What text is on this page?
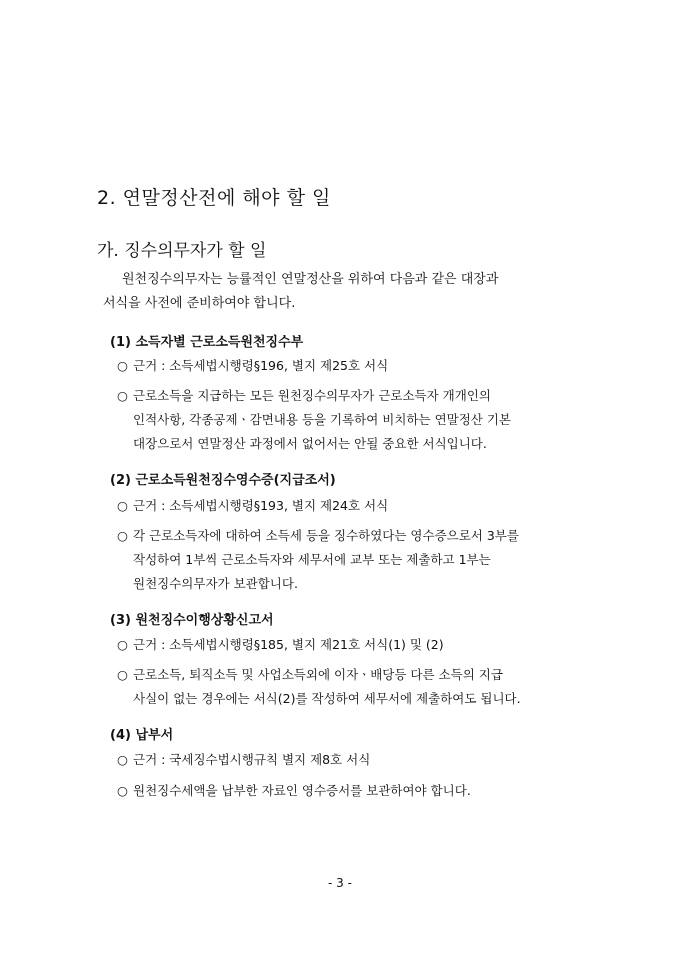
2. 연말정산전에 해야 할 일
가. 징수의무자가 할 일
원천징수의무자는 능률적인 연말정산을 위하여 다음과 같은 대장과
서식을 사전에 준비하여야 합니다.
(1) 소득자별 근로소득원천징수부
○ 근거 : 소득세법시행령§196, 별지 제25호 서식
○ 근로소득을 지급하는 모든 원천징수의무자가 근로소득자 개개인의
인적사항, 각종공제ㆍ감면내용 등을 기록하여 비치하는 연말정산 기본
대장으로서 연말정산 과정에서 없어서는 안될 중요한 서식입니다.
(2) 근로소득원천징수영수증(지급조서)
○ 근거 : 소득세법시행령§193, 별지 제24호 서식
○ 각 근로소득자에 대하여 소득세 등을 징수하였다는 영수증으로서 3부를
작성하여 1부씩 근로소득자와 세무서에 교부 또는 제출하고 1부는
원천징수의무자가 보관합니다.
(3) 원천징수이행상황신고서
○ 근거 : 소득세법시행령§185, 별지 제21호 서식(1) 및 (2)
○ 근로소득, 퇴직소득 및 사업소득외에 이자ㆍ배당등 다른 소득의 지급
사실이 없는 경우에는 서식(2)를 작성하여 세무서에 제출하여도 됩니다.
(4) 납부서
○ 근거 : 국세징수법시행규칙 별지 제8호 서식
○ 원천징수세액을 납부한 자료인 영수증서를 보관하여야 합니다.
- 3 -
